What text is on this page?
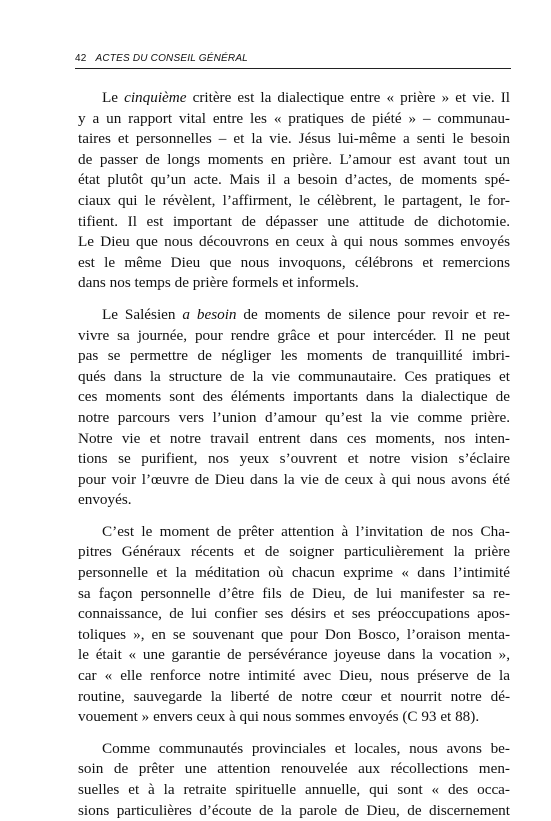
42 ACTES DU CONSEIL GÉNÉRAL
Le cinquième critère est la dialectique entre « prière » et vie. Il
y a un rapport vital entre les « pratiques de piété » – communau-
taires et personnelles – et la vie. Jésus lui-même a senti le besoin
de passer de longs moments en prière. L’amour est avant tout un
état plutôt qu’un acte. Mais il a besoin d’actes, de moments spé-
ciaux qui le révèlent, l’affirment, le célèbrent, le partagent, le for-
tifient. Il est important de dépasser une attitude de dichotomie.
Le Dieu que nous découvrons en ceux à qui nous sommes envoyés
est le même Dieu que nous invoquons, célébrons et remercions
dans nos temps de prière formels et informels.
Le Salésien a besoin de moments de silence pour revoir et re-
vivre sa journée, pour rendre grâce et pour intercéder. Il ne peut
pas se permettre de négliger les moments de tranquillité imbri-
qués dans la structure de la vie communautaire. Ces pratiques et
ces moments sont des éléments importants dans la dialectique de
notre parcours vers l’union d’amour qu’est la vie comme prière.
Notre vie et notre travail entrent dans ces moments, nos inten-
tions se purifient, nos yeux s’ouvrent et notre vision s’éclaire
pour voir l’œuvre de Dieu dans la vie de ceux à qui nous avons été
envoyés.
C’est le moment de prêter attention à l’invitation de nos Cha-
pitres Généraux récents et de soigner particulièrement la prière
personnelle et la méditation où chacun exprime « dans l’intimité
sa façon personnelle d’être fils de Dieu, de lui manifester sa re-
connaissance, de lui confier ses désirs et ses préoccupations apos-
toliques », en se souvenant que pour Don Bosco, l’oraison menta-
le était « une garantie de persévérance joyeuse dans la vocation »,
car « elle renforce notre intimité avec Dieu, nous préserve de la
routine, sauvegarde la liberté de notre cœur et nourrit notre dé-
vouement » envers ceux à qui nous sommes envoyés (C 93 et 88).
Comme communautés provinciales et locales, nous avons be-
soin de prêter une attention renouvelée aux récollections men-
suelles et à la retraite spirituelle annuelle, qui sont « des occa-
sions particulières d’écoute de la parole de Dieu, de discernement
